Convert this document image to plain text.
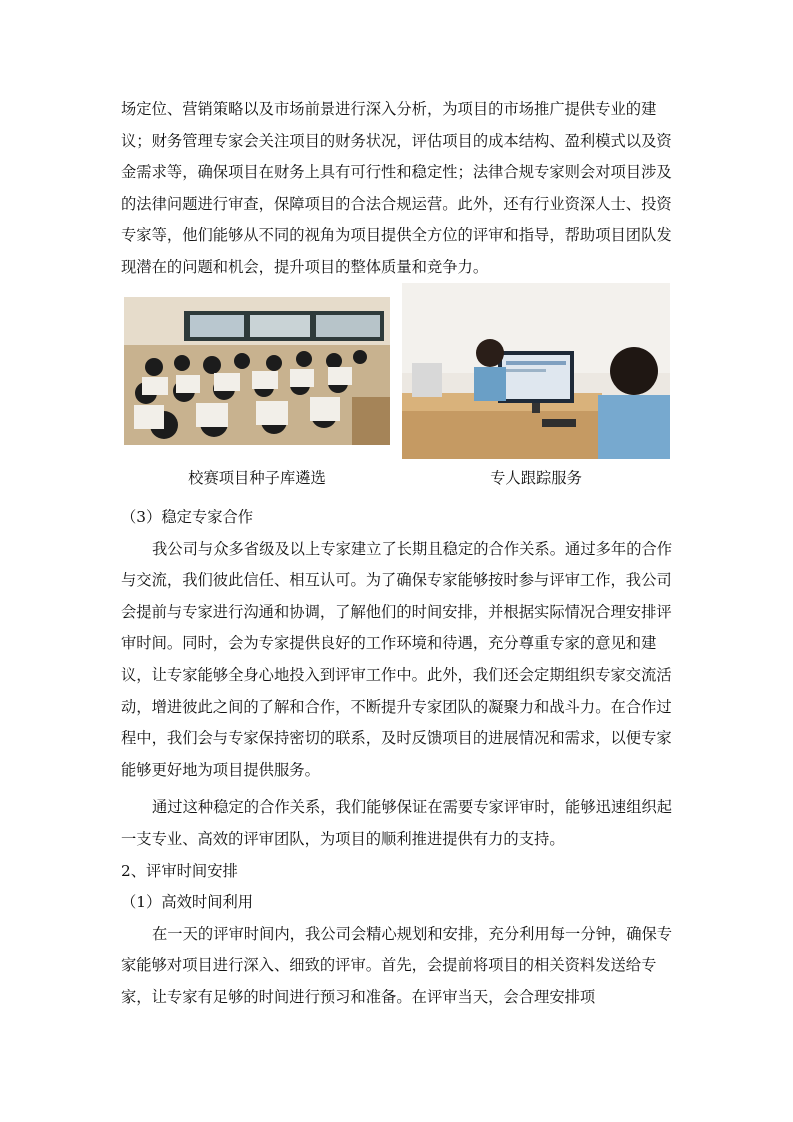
场定位、营销策略以及市场前景进行深入分析，为项目的市场推广提供专业的建议；财务管理专家会关注项目的财务状况，评估项目的成本结构、盈利模式以及资金需求等，确保项目在财务上具有可行性和稳定性；法律合规专家则会对项目涉及的法律问题进行审查，保障项目的合法合规运营。此外，还有行业资深人士、投资专家等，他们能够从不同的视角为项目提供全方位的评审和指导，帮助项目团队发现潜在的问题和机会，提升项目的整体质量和竞争力。

校赛项目种子库遴选	专人跟踪服务

（3）稳定专家合作

我公司与众多省级及以上专家建立了长期且稳定的合作关系。通过多年的合作与交流，我们彼此信任、相互认可。为了确保专家能够按时参与评审工作，我公司会提前与专家进行沟通和协调，了解他们的时间安排，并根据实际情况合理安排评审时间。同时，会为专家提供良好的工作环境和待遇，充分尊重专家的意见和建议，让专家能够全身心地投入到评审工作中。此外，我们还会定期组织专家交流活动，增进彼此之间的了解和合作，不断提升专家团队的凝聚力和战斗力。在合作过程中，我们会与专家保持密切的联系，及时反馈项目的进展情况和需求，以便专家能够更好地为项目提供服务。

通过这种稳定的合作关系，我们能够保证在需要专家评审时，能够迅速组织起一支专业、高效的评审团队，为项目的顺利推进提供有力的支持。

2、评审时间安排

（1）高效时间利用

在一天的评审时间内，我公司会精心规划和安排，充分利用每一分钟，确保专家能够对项目进行深入、细致的评审。首先，会提前将项目的相关资料发送给专家，让专家有足够的时间进行预习和准备。在评审当天，会合理安排项
